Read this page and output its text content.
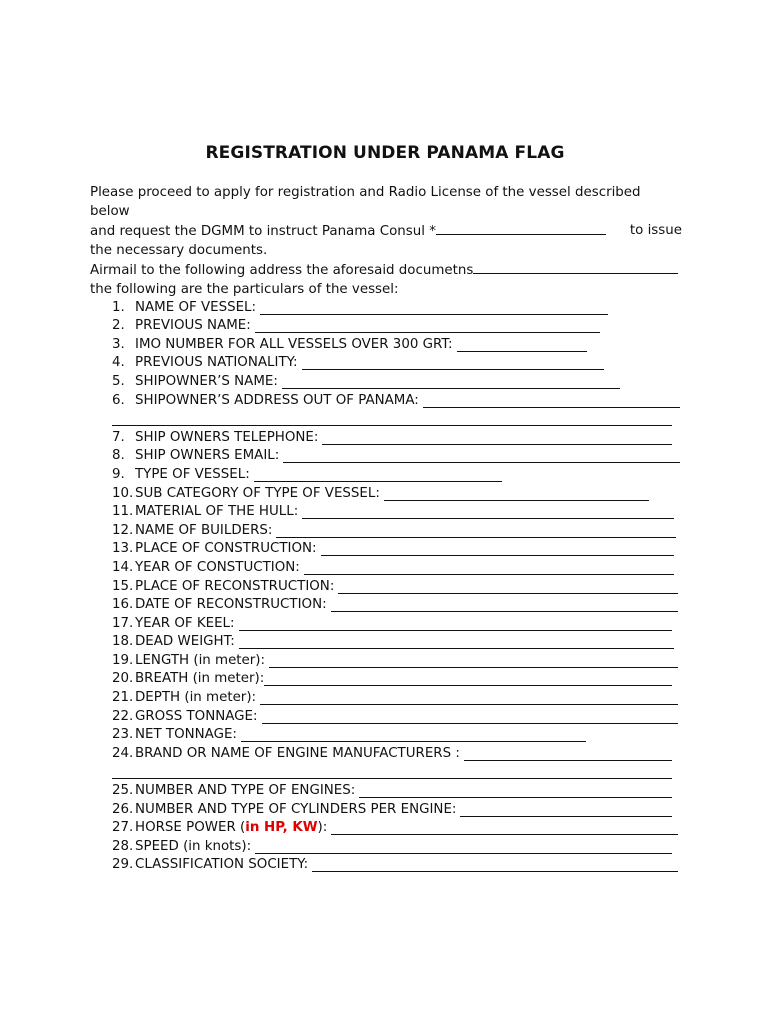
REGISTRATION UNDER PANAMA FLAG

Please proceed to apply for registration and Radio License of the vessel described below

and request the DGMM to instruct Panama Consul *	to issue

the necessary documents.

Airmail to the following address the aforesaid documetns

the following are the particulars of the vessel:

1. NAME OF VESSEL:
2. PREVIOUS NAME:
3. IMO NUMBER FOR ALL VESSELS OVER 300 GRT:
4. PREVIOUS NATIONALITY:
5. SHIPOWNER’S NAME:
6. SHIPOWNER’S ADDRESS OUT OF PANAMA:
7. SHIP OWNERS TELEPHONE:
8. SHIP OWNERS EMAIL:
9. TYPE OF VESSEL:
10. SUB CATEGORY OF TYPE OF VESSEL:
11. MATERIAL OF THE HULL:
12. NAME OF BUILDERS:
13. PLACE OF CONSTRUCTION:
14. YEAR OF CONSTUCTION:
15. PLACE OF RECONSTRUCTION:
16. DATE OF RECONSTRUCTION:
17. YEAR OF KEEL:
18. DEAD WEIGHT:
19. LENGTH (in meter):
20. BREATH (in meter):
21. DEPTH (in meter):
22. GROSS TONNAGE:
23. NET TONNAGE:
24. BRAND OR NAME OF ENGINE MANUFACTURERS :
25. NUMBER AND TYPE OF ENGINES:
26. NUMBER AND TYPE OF CYLINDERS PER ENGINE:
27. HORSE POWER ( in HP, KW ):
28. SPEED (in knots):
29. CLASSIFICATION SOCIETY:
